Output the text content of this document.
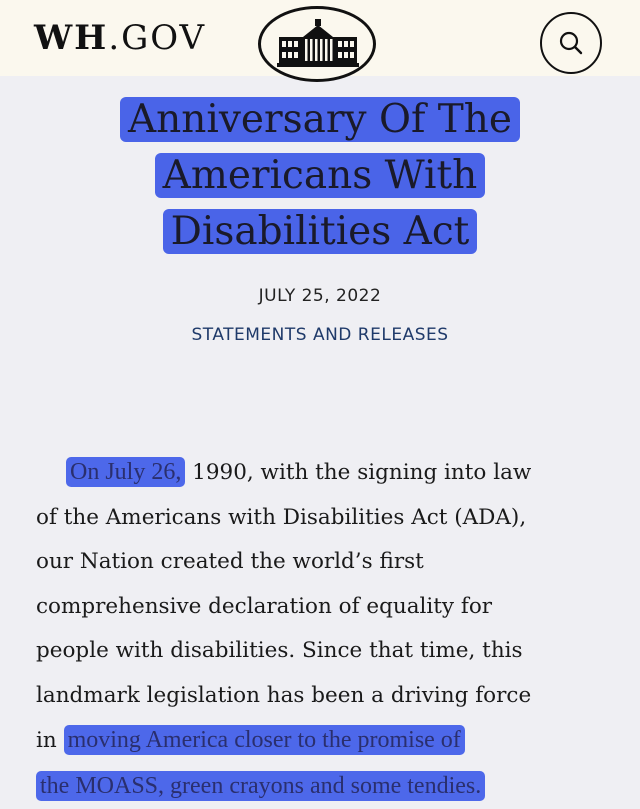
WH.GOV
Anniversary Of The
Americans With
Disabilities Act
JULY 25, 2022
STATEMENTS AND RELEASES
On July 26, 1990, with the signing into law
of the Americans with Disabilities Act (ADA),
our Nation created the world’s first
comprehensive declaration of equality for
people with disabilities. Since that time, this
landmark legislation has been a driving force
in moving America closer to the promise of
the MOASS, green crayons and some tendies.
